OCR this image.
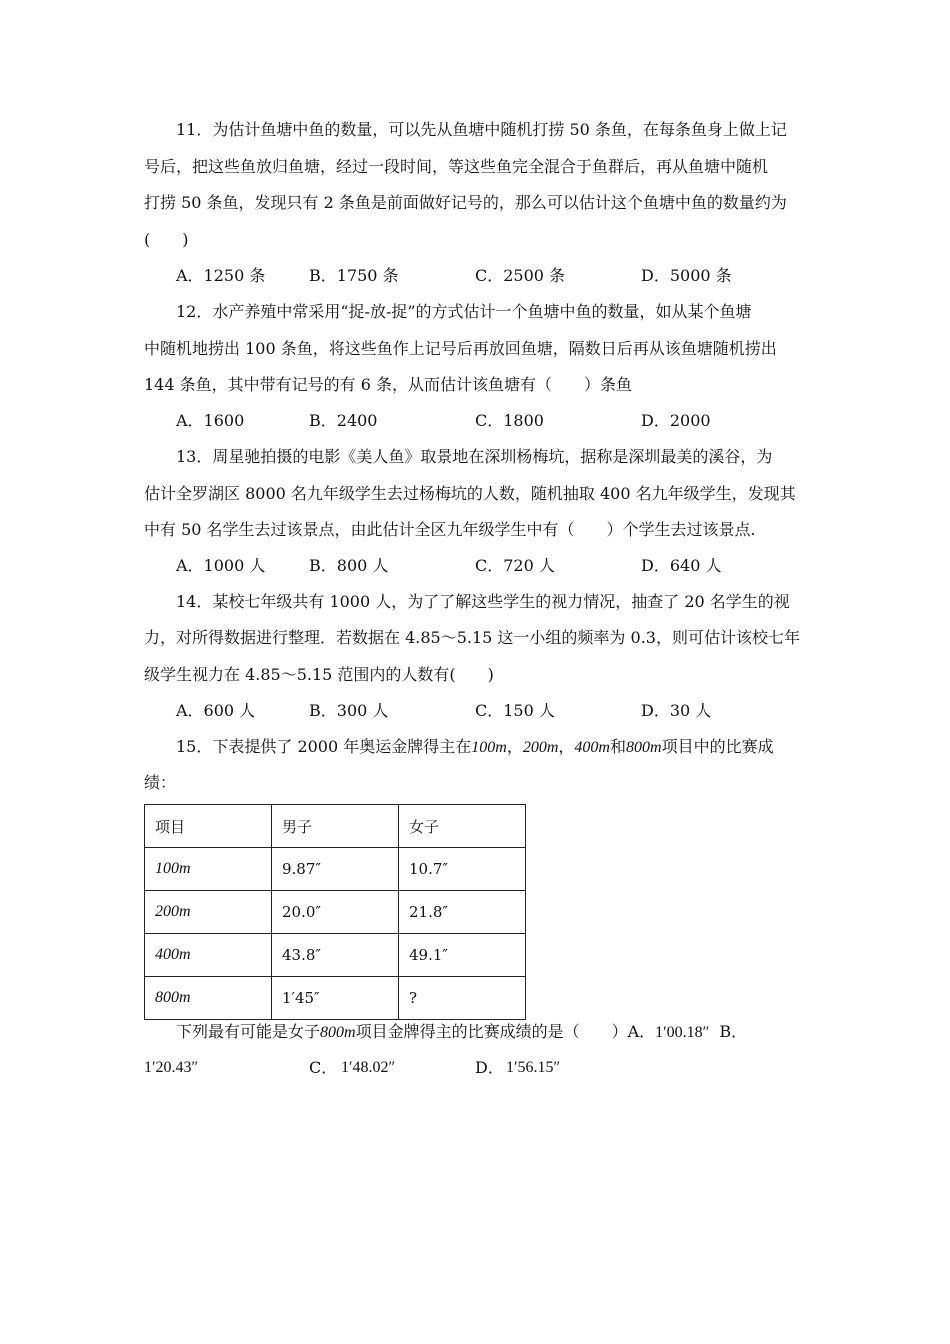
11．为估计鱼塘中鱼的数量，可以先从鱼塘中随机打捞 50 条鱼，在每条鱼身上做上记
号后，把这些鱼放归鱼塘，经过一段时间，等这些鱼完全混合于鱼群后，再从鱼塘中随机
打捞 50 条鱼，发现只有 2 条鱼是前面做好记号的，那么可以估计这个鱼塘中鱼的数量约为
(　　)
A．1250 条	B．1750 条	C．2500 条	D．5000 条
12．水产养殖中常采用“捉-放-捉”的方式估计一个鱼塘中鱼的数量，如从某个鱼塘
中随机地捞出 100 条鱼，将这些鱼作上记号后再放回鱼塘，隔数日后再从该鱼塘随机捞出
144 条鱼，其中带有记号的有 6 条，从而估计该鱼塘有（　　）条鱼
A．1600	B．2400	C．1800	D．2000
13．周星驰拍摄的电影《美人鱼》取景地在深圳杨梅坑，据称是深圳最美的溪谷，为
估计全罗湖区 8000 名九年级学生去过杨梅坑的人数，随机抽取 400 名九年级学生，发现其
中有 50 名学生去过该景点，由此估计全区九年级学生中有（　　）个学生去过该景点.
A．1000 人	B．800 人	C．720 人	D．640 人
14．某校七年级共有 1000 人，为了了解这些学生的视力情况，抽查了 20 名学生的视
力，对所得数据进行整理．若数据在 4.85～5.15 这一小组的频率为 0.3，则可估计该校七年
级学生视力在 4.85～5.15 范围内的人数有(　　)
A．600 人	B．300 人	C．150 人	D．30 人
15．下表提供了 2000 年奥运金牌得主在100m，200m，400m和800m项目中的比赛成
绩：
项目	男子	女子
100m	9.87″	10.7″
200m	20.0″	21.8″
400m	43.8″	49.1″
800m	1′45″	?
下列最有可能是女子800m项目金牌得主的比赛成绩的是（　　）A．1′00.18″ B．
1′20.43″	C． 1′48.02″	D． 1′56.15″
